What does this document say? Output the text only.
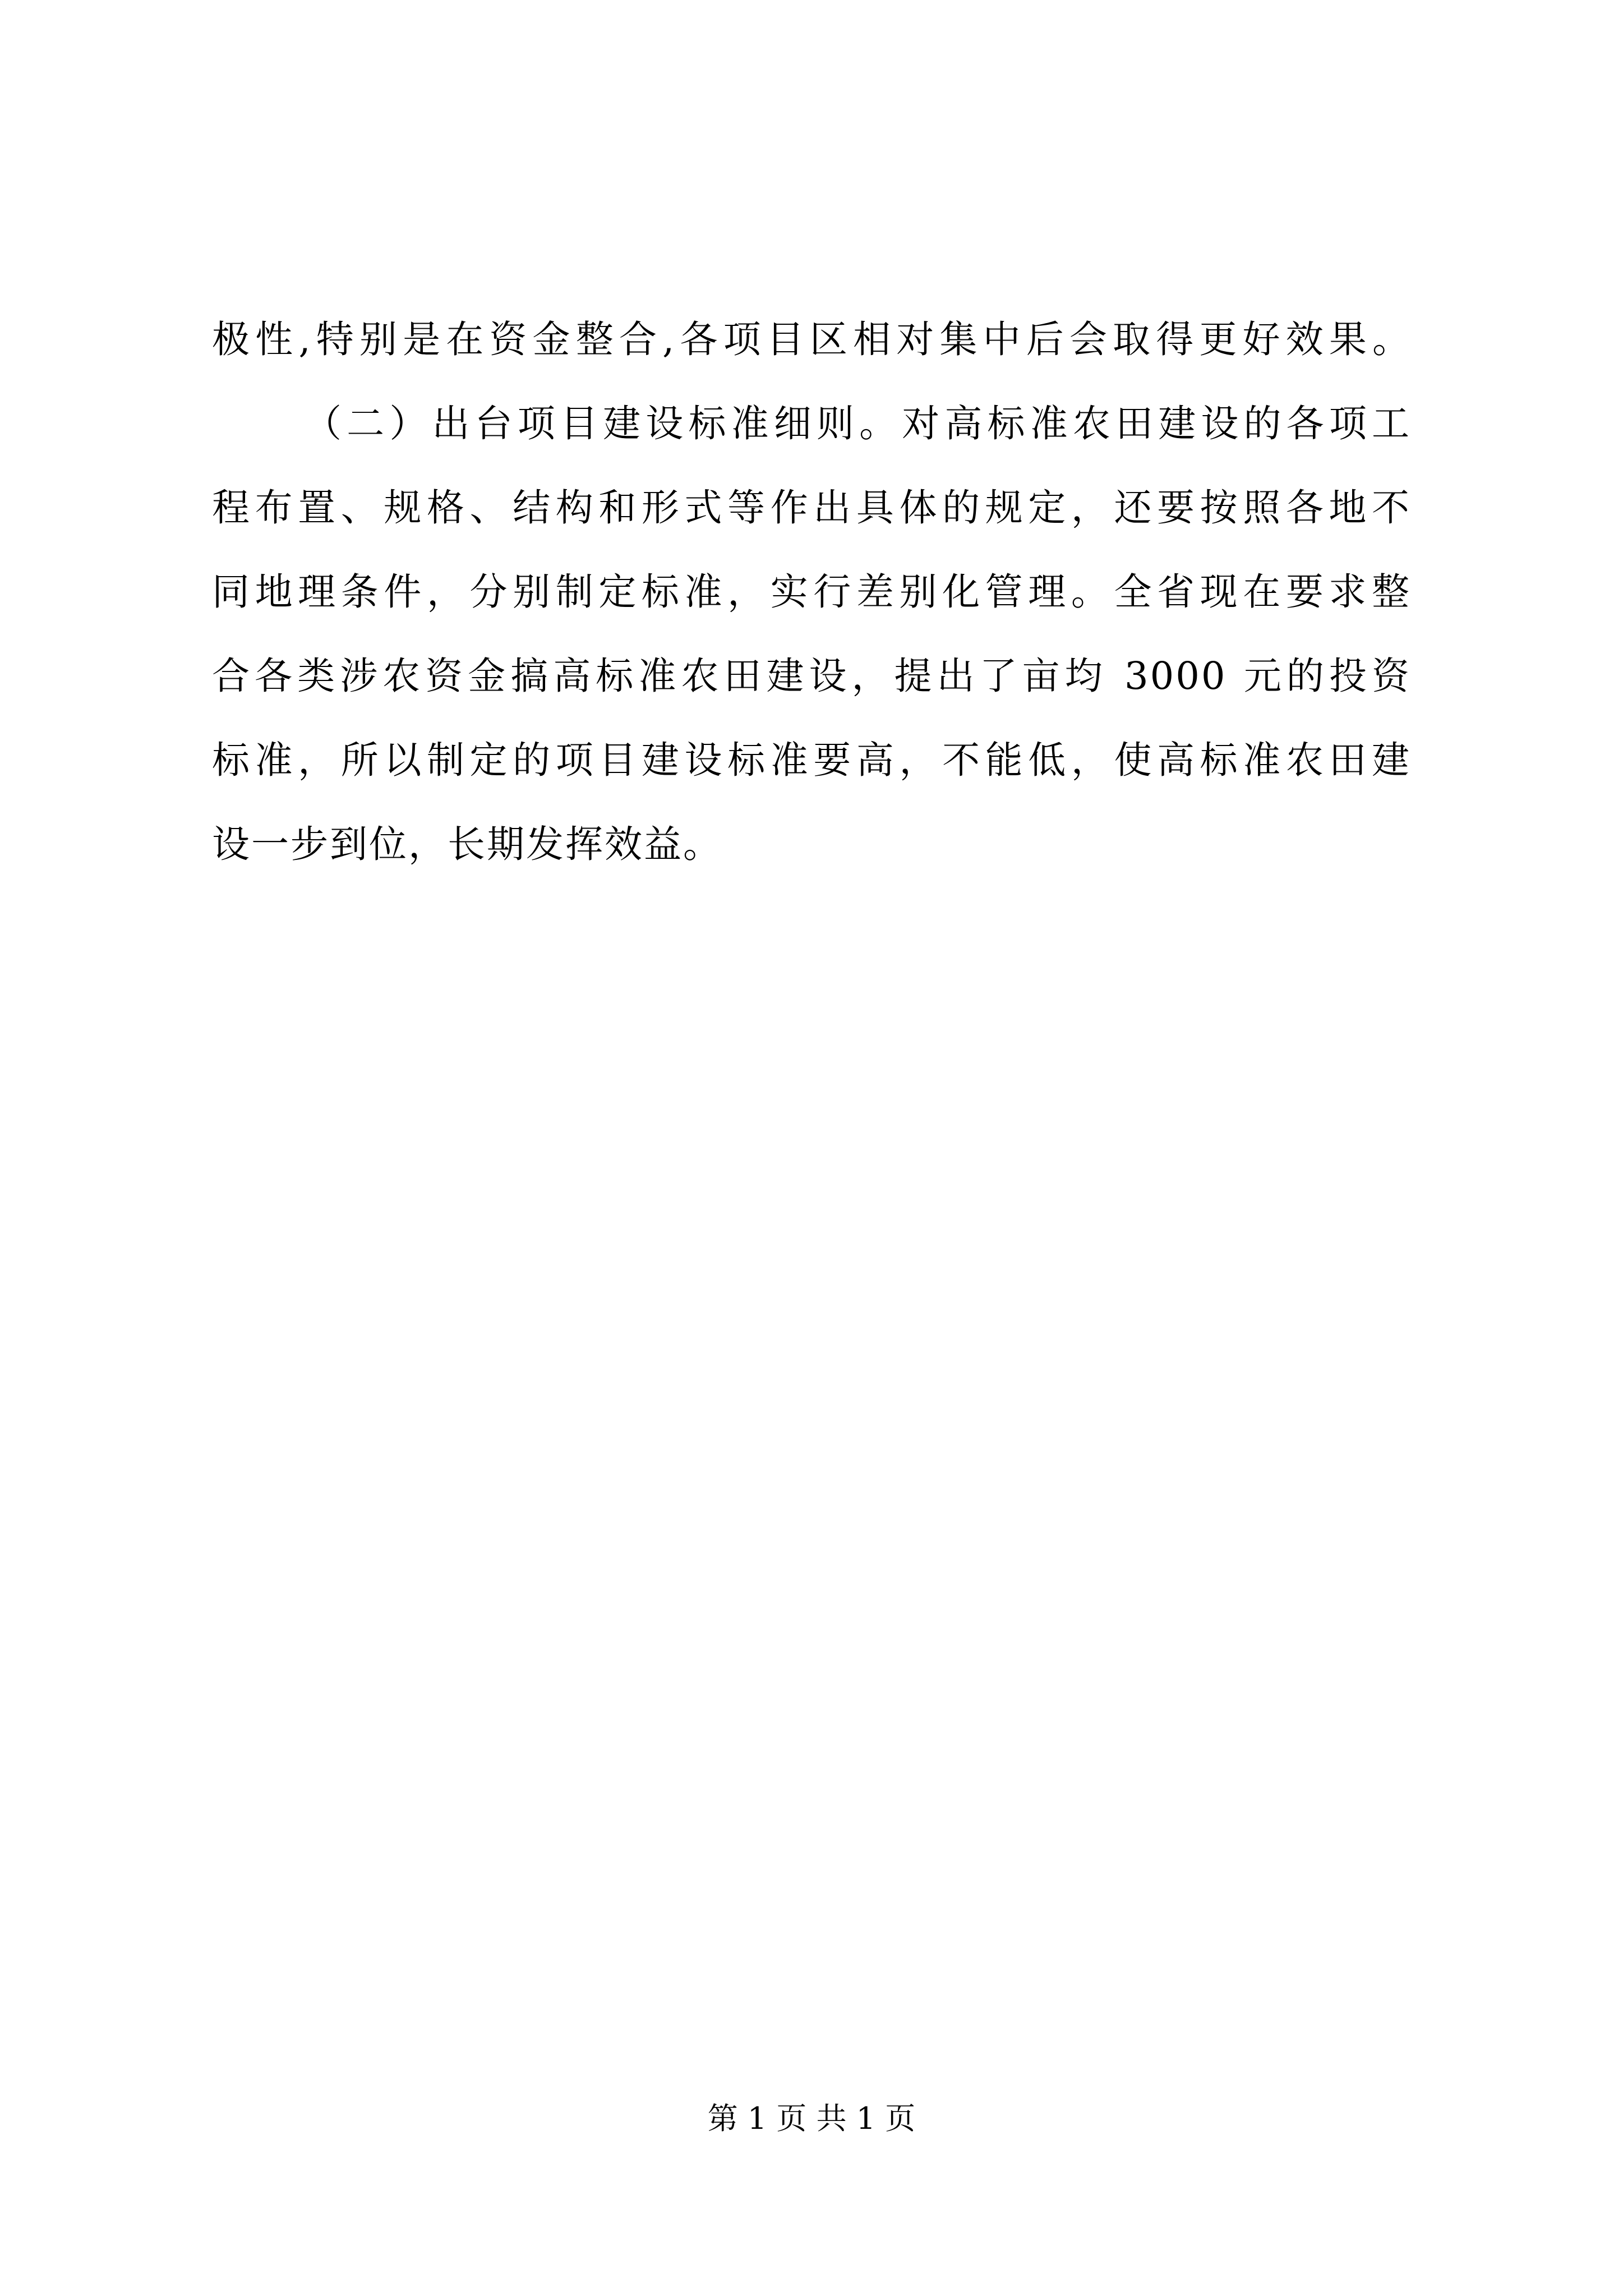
极性,特别是在资金整合,各项目区相对集中后会取得更好效果。
（二）出台项目建设标准细则。对高标准农田建设的各项工
程布置、规格、结构和形式等作出具体的规定，还要按照各地不
同地理条件，分别制定标准，实行差别化管理。全省现在要求整
合各类涉农资金搞高标准农田建设，提出了亩均 3000 元的投资
标准，所以制定的项目建设标准要高，不能低，使高标准农田建
设一步到位，长期发挥效益。
第 1 页 共 1 页
